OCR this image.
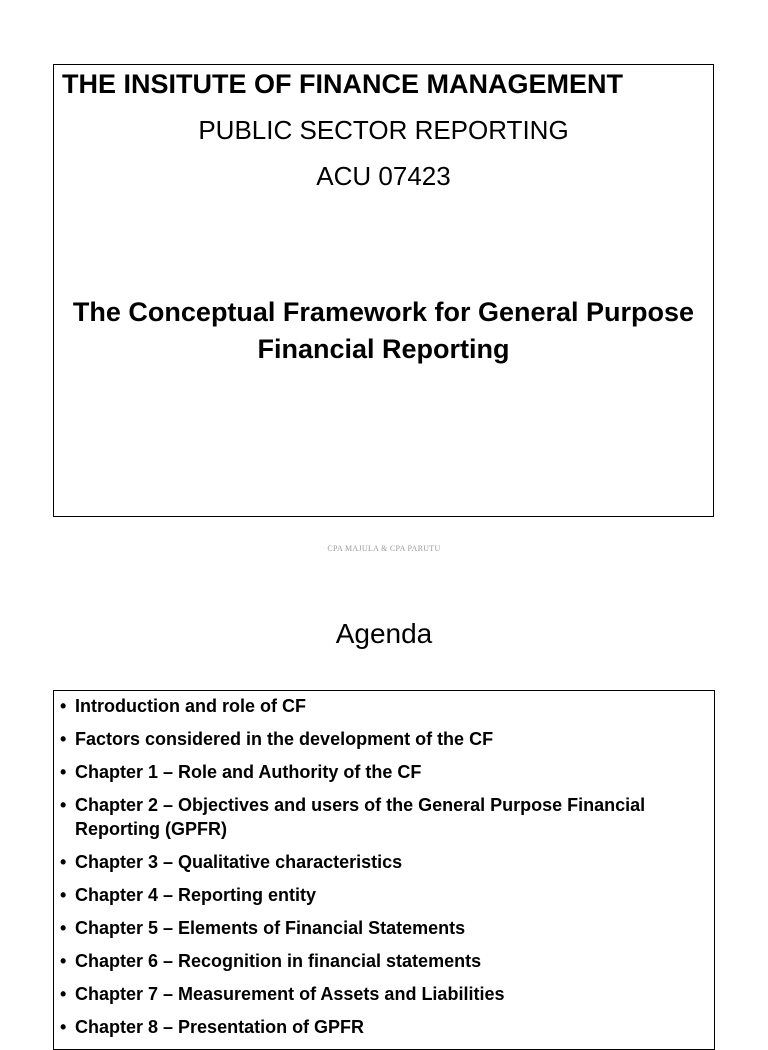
THE INSITUTE OF FINANCE MANAGEMENT
PUBLIC SECTOR REPORTING
ACU 07423
The Conceptual Framework for General Purpose Financial Reporting
CPA MAJULA & CPA PARUTU
Agenda
• Introduction and role of CF
• Factors considered in the development of the CF
• Chapter 1 – Role and Authority of the CF
• Chapter 2 – Objectives and users of the General Purpose Financial Reporting (GPFR)
• Chapter 3 – Qualitative characteristics
• Chapter 4 – Reporting entity
• Chapter 5 – Elements of Financial Statements
• Chapter 6 – Recognition in financial statements
• Chapter 7 – Measurement of Assets and Liabilities
• Chapter 8 – Presentation of GPFR
